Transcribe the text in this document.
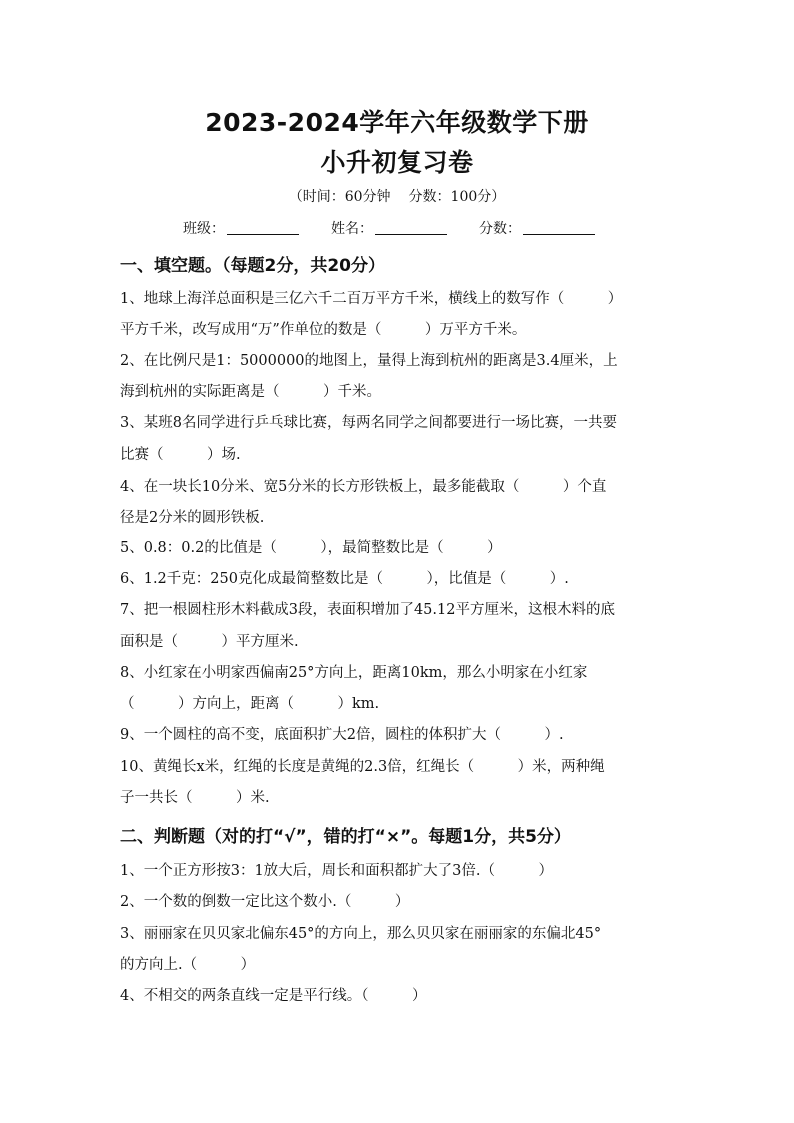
2023-2024学年六年级数学下册
小升初复习卷
（时间：60分钟 分数：100分）
班级：	姓名：	分数：
一、填空题。（每题2分，共20分）
1、地球上海洋总面积是三亿六千二百万平方千米，横线上的数写作（　　　）
平方千米，改写成用“万”作单位的数是（　　　）万平方千米。
2、在比例尺是1：5000000的地图上，量得上海到杭州的距离是3.4厘米，上
海到杭州的实际距离是（　　　）千米。
3、某班8名同学进行乒乓球比赛，每两名同学之间都要进行一场比赛，一共要
比赛（　　　）场.
4、在一块长10分米、宽5分米的长方形铁板上，最多能截取（　　　）个直
径是2分米的圆形铁板.
5、0.8：0.2的比值是（　　　），最简整数比是（　　　）
6、1.2千克：250克化成最简整数比是（　　　），比值是（　　　）.
7、把一根圆柱形木料截成3段，表面积增加了45.12平方厘米，这根木料的底
面积是（　　　）平方厘米.
8、小红家在小明家西偏南25°方向上，距离10km，那么小明家在小红家
（　　　）方向上，距离（　　　）km.
9、一个圆柱的高不变，底面积扩大2倍，圆柱的体积扩大（　　　）.
10、黄绳长x米，红绳的长度是黄绳的2.3倍，红绳长（　　　）米，两种绳
子一共长（　　　）米.
二、判断题（对的打“√”，错的打“×”。每题1分，共5分）
1、一个正方形按3：1放大后，周长和面积都扩大了3倍.（　　　）
2、一个数的倒数一定比这个数小.（　　　）
3、丽丽家在贝贝家北偏东45°的方向上，那么贝贝家在丽丽家的东偏北45°
的方向上.（　　　）
4、不相交的两条直线一定是平行线。（　　　）
